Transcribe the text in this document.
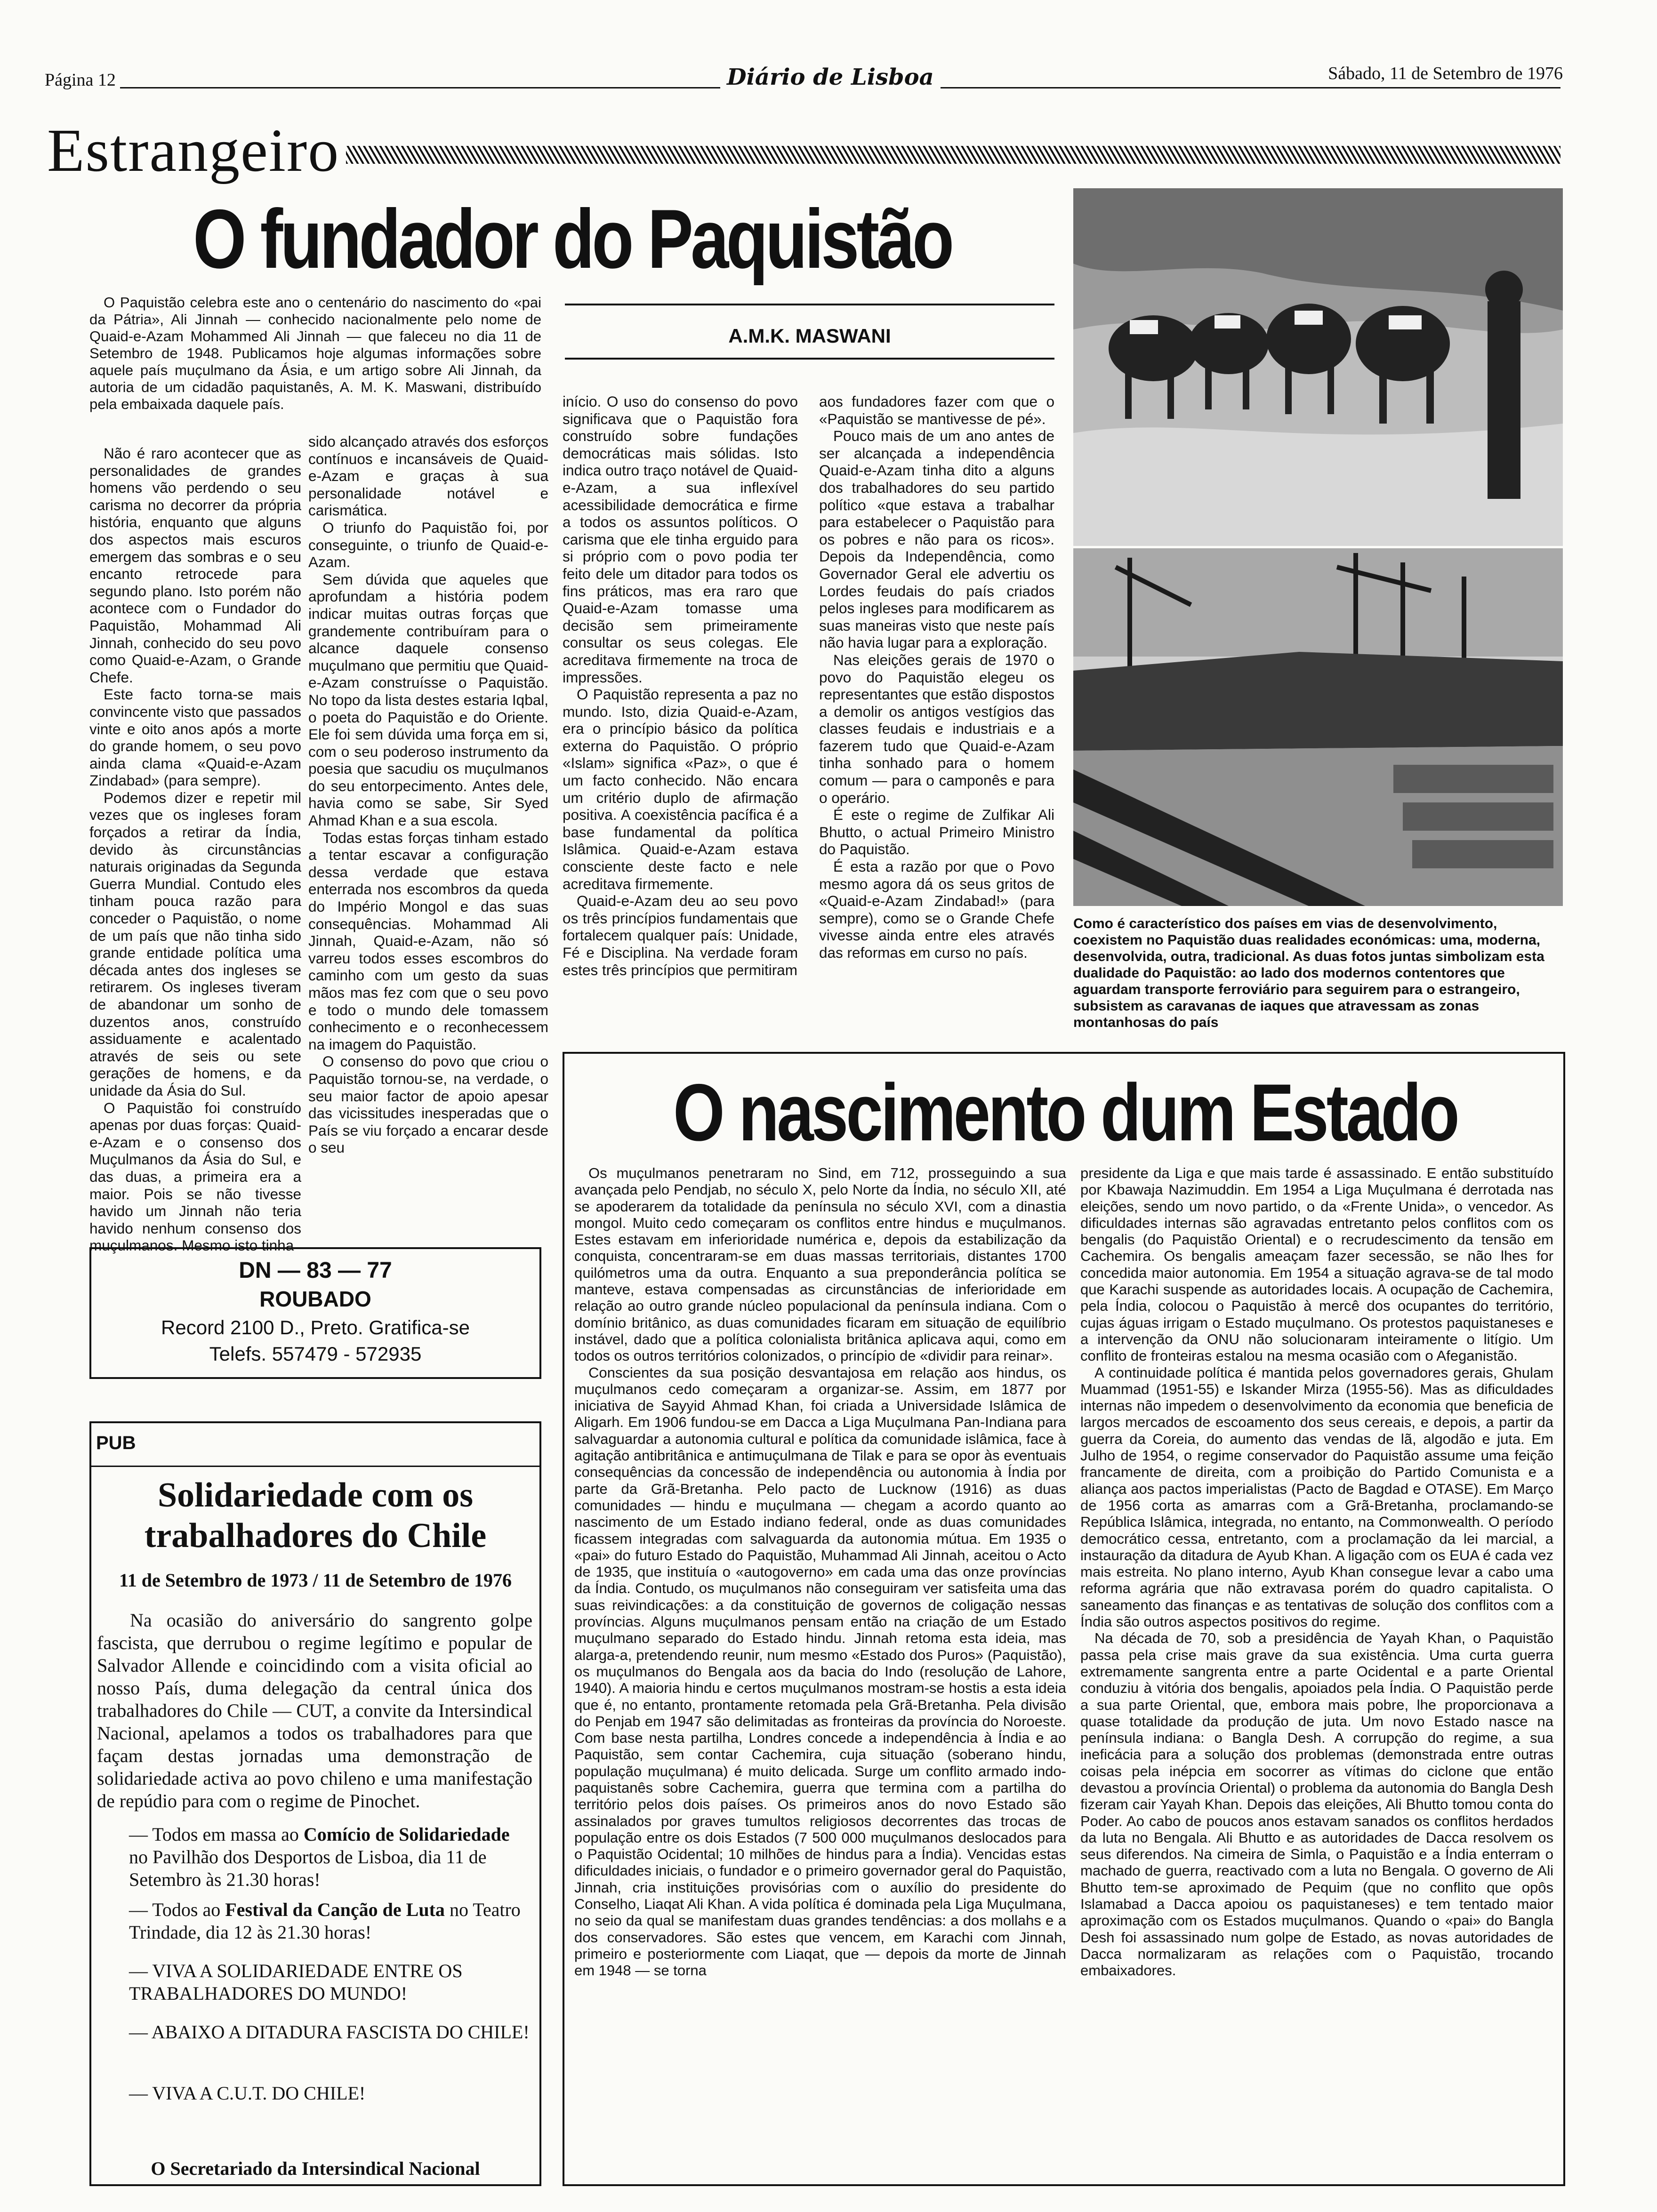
Página 12	Diário de Lisboa	Sábado, 11 de Setembro de 1976
Estrangeiro
O fundador do Paquistão
O Paquistão celebra este ano o centenário do nascimento do «pai da Pátria», Ali Jinnah — conhecido nacionalmente pelo nome de Quaid-e-Azam Mohammed Ali Jinnah — que faleceu no dia 11 de Setembro de 1948. Publicamos hoje algumas informações sobre aquele país muçulmano da Ásia, e um artigo sobre Ali Jinnah, da autoria de um cidadão paquistanês, A. M. K. Maswani, distribuído pela embaixada daquele país.
A.M.K. MASWANI

Não é raro acontecer que as personalidades de grandes homens vão perdendo o seu carisma no decorrer da própria história, enquanto que alguns dos aspectos mais escuros emergem das sombras e o seu encanto retrocede para segundo plano. Isto porém não acontece com o Fundador do Paquistão, Mohammad Ali Jinnah, conhecido do seu povo como Quaid-e-Azam, o Grande Chefe.

Este facto torna-se mais convincente visto que passados vinte e oito anos após a morte do grande homem, o seu povo ainda clama «Quaid-e-Azam Zindabad» (para sempre).

Podemos dizer e repetir mil vezes que os ingleses foram forçados a retirar da Índia, devido às circunstâncias naturais originadas da Segunda Guerra Mundial. Contudo eles tinham pouca razão para conceder o Paquistão, o nome de um país que não tinha sido grande entidade política uma década antes dos ingleses se retirarem. Os ingleses tiveram de abandonar um sonho de duzentos anos, construído assiduamente e acalentado através de seis ou sete gerações de homens, e da unidade da Ásia do Sul.

O Paquistão foi construído apenas por duas forças: Quaid-e-Azam e o consenso dos Muçulmanos da Ásia do Sul, e das duas, a primeira era a maior. Pois se não tivesse havido um Jinnah não teria havido nenhum consenso dos muçulmanos. Mesmo isto tinha

sido alcançado através dos esforços contínuos e incansáveis de Quaid-e-Azam e graças à sua personalidade notável e carismática.

O triunfo do Paquistão foi, por conseguinte, o triunfo de Quaid-e-Azam.

Sem dúvida que aqueles que aprofundam a história podem indicar muitas outras forças que grandemente contribuíram para o alcance daquele consenso muçulmano que permitiu que Quaid-e-Azam construísse o Paquistão. No topo da lista destes estaria Iqbal, o poeta do Paquistão e do Oriente. Ele foi sem dúvida uma força em si, com o seu poderoso instrumento da poesia que sacudiu os muçulmanos do seu entorpecimento. Antes dele, havia como se sabe, Sir Syed Ahmad Khan e a sua escola.

Todas estas forças tinham estado a tentar escavar a configuração dessa verdade que estava enterrada nos escombros da queda do Império Mongol e das suas consequências. Mohammad Ali Jinnah, Quaid-e-Azam, não só varreu todos esses escombros do caminho com um gesto da suas mãos mas fez com que o seu povo e todo o mundo dele tomassem conhecimento e o reconhecessem na imagem do Paquistão.

O consenso do povo que criou o Paquistão tornou-se, na verdade, o seu maior factor de apoio apesar das vicissitudes inesperadas que o País se viu forçado a encarar desde o seu

início. O uso do consenso do povo significava que o Paquistão fora construído sobre fundações democráticas mais sólidas. Isto indica outro traço notável de Quaid-e-Azam, a sua inflexível acessibilidade democrática e firme a todos os assuntos políticos. O carisma que ele tinha erguido para si próprio com o povo podia ter feito dele um ditador para todos os fins práticos, mas era raro que Quaid-e-Azam tomasse uma decisão sem primeiramente consultar os seus colegas. Ele acreditava firmemente na troca de impressões.

O Paquistão representa a paz no mundo. Isto, dizia Quaid-e-Azam, era o princípio básico da política externa do Paquistão. O próprio «Islam» significa «Paz», o que é um facto conhecido. Não encara um critério duplo de afirmação positiva. A coexistência pacífica é a base fundamental da política Islâmica. Quaid-e-Azam estava consciente deste facto e nele acreditava firmemente.

Quaid-e-Azam deu ao seu povo os três princípios fundamentais que fortalecem qualquer país: Unidade, Fé e Disciplina. Na verdade foram estes três princípios que permitiram

aos fundadores fazer com que o «Paquistão se mantivesse de pé».

Pouco mais de um ano antes de ser alcançada a independência Quaid-e-Azam tinha dito a alguns dos trabalhadores do seu partido político «que estava a trabalhar para estabelecer o Paquistão para os pobres e não para os ricos». Depois da Independência, como Governador Geral ele advertiu os Lordes feudais do país criados pelos ingleses para modificarem as suas maneiras visto que neste país não havia lugar para a exploração.

Nas eleições gerais de 1970 o povo do Paquistão elegeu os representantes que estão dispostos a demolir os antigos vestígios das classes feudais e industriais e a fazerem tudo que Quaid-e-Azam tinha sonhado para o homem comum — para o camponês e para o operário.

É este o regime de Zulfikar Ali Bhutto, o actual Primeiro Ministro do Paquistão.

É esta a razão por que o Povo mesmo agora dá os seus gritos de «Quaid-e-Azam Zindabad!» (para sempre), como se o Grande Chefe vivesse ainda entre eles através das reformas em curso no país.

Como é característico dos países em vias de desenvolvimento, coexistem no Paquistão duas realidades económicas: uma, moderna, desenvolvida, outra, tradicional. As duas fotos juntas simbolizam esta dualidade do Paquistão: ao lado dos modernos contentores que aguardam transporte ferroviário para seguirem para o estrangeiro, subsistem as caravanas de iaques que atravessam as zonas montanhosas do país
O nascimento dum Estado

Os muçulmanos penetraram no Sind, em 712, prosseguindo a sua avançada pelo Pendjab, no século X, pelo Norte da Índia, no século XII, até se apoderarem da totalidade da península no século XVI, com a dinastia mongol. Muito cedo começaram os conflitos entre hindus e muçulmanos. Estes estavam em inferioridade numérica e, depois da estabilização da conquista, concentraram-se em duas massas territoriais, distantes 1700 quilómetros uma da outra. Enquanto a sua preponderância política se manteve, estava compensadas as circunstâncias de inferioridade em relação ao outro grande núcleo populacional da península indiana. Com o domínio britânico, as duas comunidades ficaram em situação de equilíbrio instável, dado que a política colonialista britânica aplicava aqui, como em todos os outros territórios colonizados, o princípio de «dividir para reinar».

Conscientes da sua posição desvantajosa em relação aos hindus, os muçulmanos cedo começaram a organizar-se. Assim, em 1877 por iniciativa de Sayyid Ahmad Khan, foi criada a Universidade Islâmica de Aligarh. Em 1906 fundou-se em Dacca a Liga Muçulmana Pan-Indiana para salvaguardar a autonomia cultural e política da comunidade islâmica, face à agitação antibritânica e antimuçulmana de Tilak e para se opor às eventuais consequências da concessão de independência ou autonomia à Índia por parte da Grã-Bretanha. Pelo pacto de Lucknow (1916) as duas comunidades — hindu e muçulmana — chegam a acordo quanto ao nascimento de um Estado indiano federal, onde as duas comunidades ficassem integradas com salvaguarda da autonomia mútua. Em 1935 o «pai» do futuro Estado do Paquistão, Muhammad Ali Jinnah, aceitou o Acto de 1935, que instituía o «autogoverno» em cada uma das onze províncias da Índia. Contudo, os muçulmanos não conseguiram ver satisfeita uma das suas reivindicações: a da constituição de governos de coligação nessas províncias. Alguns muçulmanos pensam então na criação de um Estado muçulmano separado do Estado hindu. Jinnah retoma esta ideia, mas alarga-a, pretendendo reunir, num mesmo «Estado dos Puros» (Paquistão), os muçulmanos do Bengala aos da bacia do Indo (resolução de Lahore, 1940). A maioria hindu e certos muçulmanos mostram-se hostis a esta ideia que é, no entanto, prontamente retomada pela Grã-Bretanha. Pela divisão do Penjab em 1947 são delimitadas as fronteiras da província do Noroeste. Com base nesta partilha, Londres concede a independência à Índia e ao Paquistão, sem contar Cachemira, cuja situação (soberano hindu, população muçulmana) é muito delicada. Surge um conflito armado indo-paquistanês sobre Cachemira, guerra que termina com a partilha do território pelos dois países. Os primeiros anos do novo Estado são assinalados por graves tumultos religiosos decorrentes das trocas de população entre os dois Estados (7 500 000 muçulmanos deslocados para o Paquistão Ocidental; 10 milhões de hindus para a Índia). Vencidas estas dificuldades iniciais, o fundador e o primeiro governador geral do Paquistão, Jinnah, cria instituições provisórias com o auxílio do presidente do Conselho, Liaqat Ali Khan. A vida política é dominada pela Liga Muçulmana, no seio da qual se manifestam duas grandes tendências: a dos mollahs e a dos conservadores. São estes que vencem, em Karachi com Jinnah, primeiro e posteriormente com Liaqat, que — depois da morte de Jinnah em 1948 — se torna

presidente da Liga e que mais tarde é assassinado. E então substituído por Kbawaja Nazimuddin. Em 1954 a Liga Muçulmana é derrotada nas eleições, sendo um novo partido, o da «Frente Unida», o vencedor. As dificuldades internas são agravadas entretanto pelos conflitos com os bengalis (do Paquistão Oriental) e o recrudescimento da tensão em Cachemira. Os bengalis ameaçam fazer secessão, se não lhes for concedida maior autonomia. Em 1954 a situação agrava-se de tal modo que Karachi suspende as autoridades locais. A ocupação de Cachemira, pela Índia, colocou o Paquistão à mercê dos ocupantes do território, cujas águas irrigam o Estado muçulmano. Os protestos paquistaneses e a intervenção da ONU não solucionaram inteiramente o litígio. Um conflito de fronteiras estalou na mesma ocasião com o Afeganistão.

A continuidade política é mantida pelos governadores gerais, Ghulam Muammad (1951-55) e Iskander Mirza (1955-56). Mas as dificuldades internas não impedem o desenvolvimento da economia que beneficia de largos mercados de escoamento dos seus cereais, e depois, a partir da guerra da Coreia, do aumento das vendas de lã, algodão e juta. Em Julho de 1954, o regime conservador do Paquistão assume uma feição francamente de direita, com a proibição do Partido Comunista e a aliança aos pactos imperialistas (Pacto de Bagdad e OTASE). Em Março de 1956 corta as amarras com a Grã-Bretanha, proclamando-se República Islâmica, integrada, no entanto, na Commonwealth. O período democrático cessa, entretanto, com a proclamação da lei marcial, a instauração da ditadura de Ayub Khan. A ligação com os EUA é cada vez mais estreita. No plano interno, Ayub Khan consegue levar a cabo uma reforma agrária que não extravasa porém do quadro capitalista. O saneamento das finanças e as tentativas de solução dos conflitos com a Índia são outros aspectos positivos do regime.

Na década de 70, sob a presidência de Yayah Khan, o Paquistão passa pela crise mais grave da sua existência. Uma curta guerra extremamente sangrenta entre a parte Ocidental e a parte Oriental conduziu à vitória dos bengalis, apoiados pela Índia. O Paquistão perde a sua parte Oriental, que, embora mais pobre, lhe proporcionava a quase totalidade da produção de juta. Um novo Estado nasce na península indiana: o Bangla Desh. A corrupção do regime, a sua ineficácia para a solução dos problemas (demonstrada entre outras coisas pela inépcia em socorrer as vítimas do ciclone que então devastou a província Oriental) o problema da autonomia do Bangla Desh fizeram cair Yayah Khan. Depois das eleições, Ali Bhutto tomou conta do Poder. Ao cabo de poucos anos estavam sanados os conflitos herdados da luta no Bengala. Ali Bhutto e as autoridades de Dacca resolvem os seus diferendos. Na cimeira de Simla, o Paquistão e a Índia enterram o machado de guerra, reactivado com a luta no Bengala. O governo de Ali Bhutto tem-se aproximado de Pequim (que no conflito que opôs Islamabad a Dacca apoiou os paquistaneses) e tem tentado maior aproximação com os Estados muçulmanos. Quando o «pai» do Bangla Desh foi assassinado num golpe de Estado, as novas autoridades de Dacca normalizaram as relações com o Paquistão, trocando embaixadores.

DN — 83 — 77
ROUBADO
Record 2100 D., Preto. Gratifica-se
Telefs. 557479 - 572935
PUB
Solidariedade com os trabalhadores do Chile
11 de Setembro de 1973 / 11 de Setembro de 1976

Na ocasião do aniversário do sangrento golpe fascista, que derrubou o regime legítimo e popular de Salvador Allende e coincidindo com a visita oficial ao nosso País, duma delegação da central única dos trabalhadores do Chile — CUT, a convite da Intersindical Nacional, apelamos a todos os trabalhadores para que façam destas jornadas uma demonstração de solidariedade activa ao povo chileno e uma manifestação de repúdio para com o regime de Pinochet.

— Todos em massa ao Comício de Solidariedade no Pavilhão dos Desportos de Lisboa, dia 11 de Setembro às 21.30 horas!
— Todos ao Festival da Canção de Luta no Teatro Trindade, dia 12 às 21.30 horas!
— VIVA A SOLIDARIEDADE ENTRE OS TRABALHADORES DO MUNDO!
— ABAIXO A DITADURA FASCISTA DO CHILE!
— VIVA A C.U.T. DO CHILE!
O Secretariado da Intersindical Nacional
